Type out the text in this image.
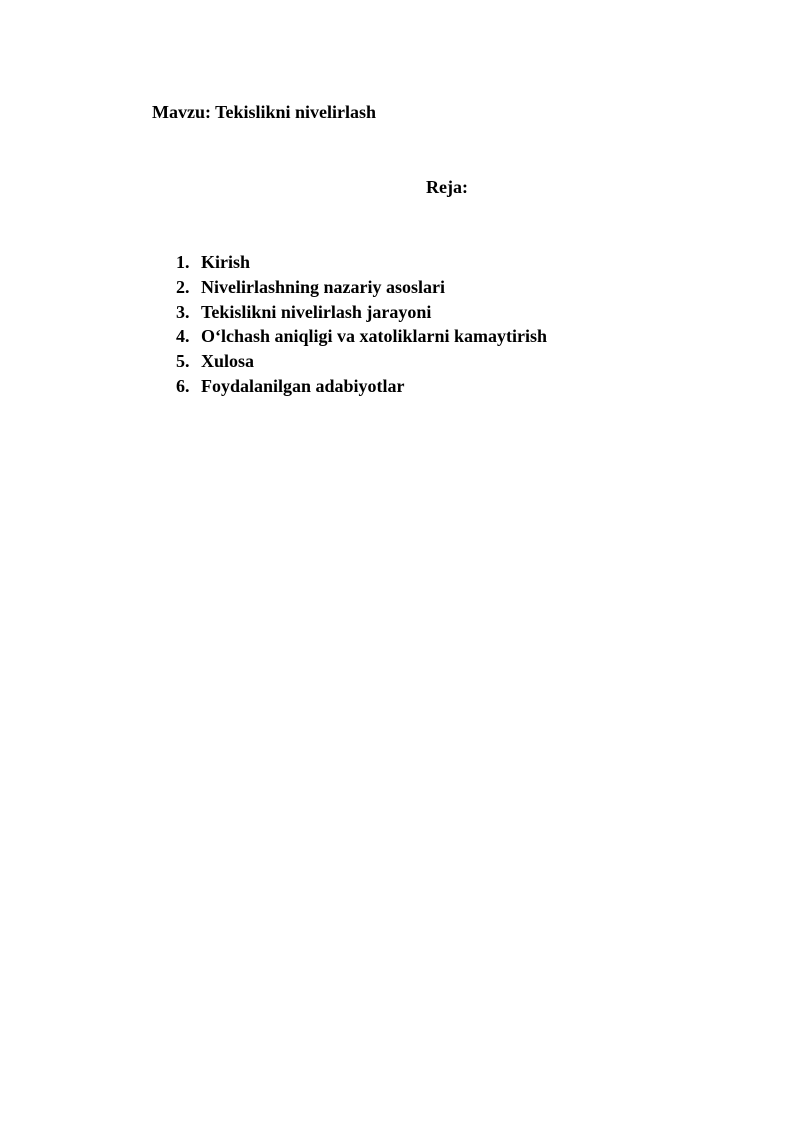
Mavzu: Tekislikni nivelirlash
Reja:
1. Kirish
2. Nivelirlashning nazariy asoslari
3. Tekislikni nivelirlash jarayoni
4. O‘lchash aniqligi va xatoliklarni kamaytirish
5. Xulosa
6. Foydalanilgan adabiyotlar
